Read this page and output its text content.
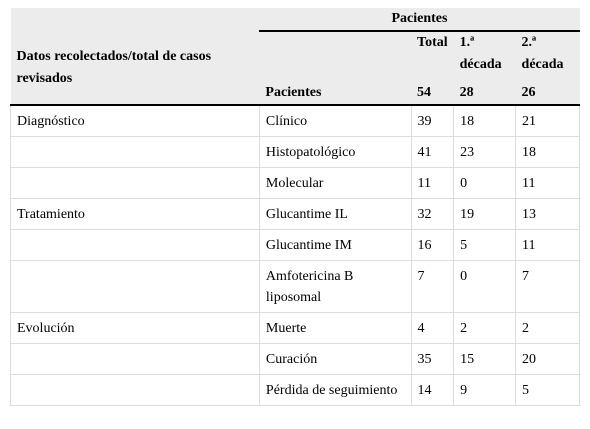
	Pacientes			
Datos recolectados/total de casos revisados		Total	1.ª década	2.ª década
	Pacientes	54	28	26
Diagnóstico	Clínico	39	18	21
	Histopatológico	41	23	18
	Molecular	11	0	11
Tratamiento	Glucantime IL	32	19	13
	Glucantime IM	16	5	11
	Amfotericina B liposomal	7	0	7
Evolución	Muerte	4	2	2
	Curación	35	15	20
	Pérdida de seguimiento	14	9	5
